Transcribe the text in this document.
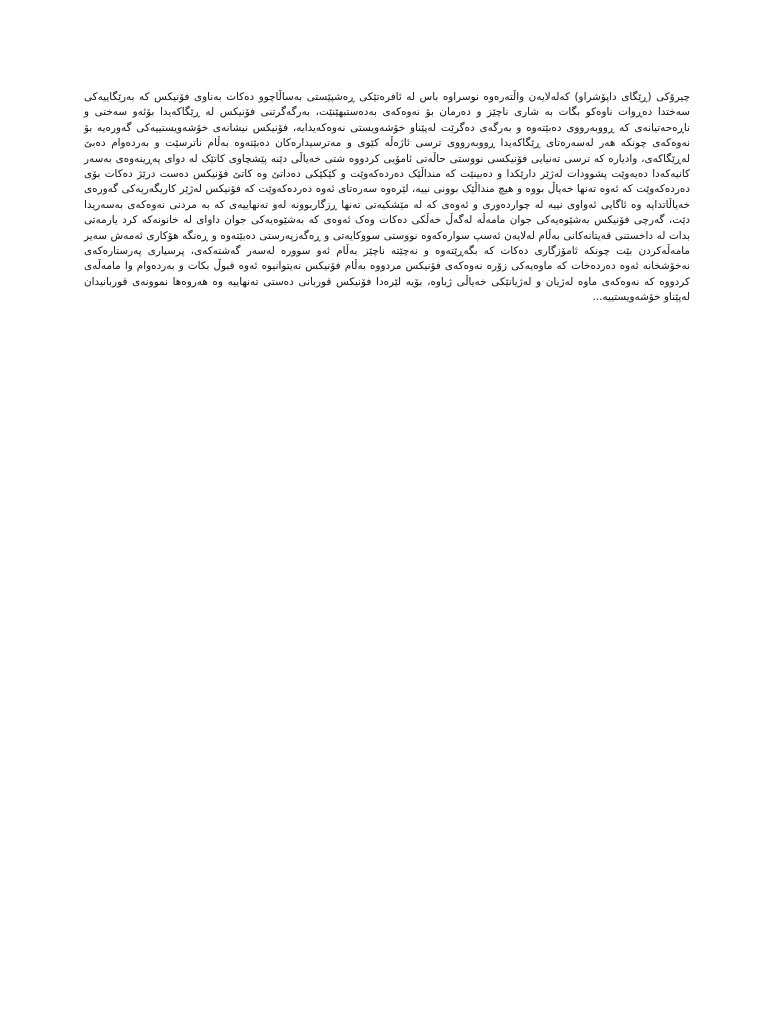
چیرۆکی (ڕێگای داپۆشراو) کەلەلایەن واڵتەرەوە نوسراوە باس لە ئافرەتێکی ڕەشپێستی بەساڵاچوو دەکات بەناوی فۆنیکس کە بەرێگاییەکی سەختدا دەڕوات ناوەکو بگات بە شاری ناچێز و دەرمان بۆ نەوەکەی بەدەستبهێنێت، بەرگەگرتنی فۆنیکس لە ڕێگاکەیدا بۆئەو سەختی و ناڕەحەتیانەی کە ڕووبەرووی دەبێتەوە و بەرگەی دەگرێت لەپێناو خۆشەویستی نەوەکەیدایە، فۆنیکس نیشانەی خۆشەویستییەکی گەورەیە بۆ نەوەکەی چونکە هەر لەسەرەتای ڕێگاکەیدا ڕووبەرووی ترسی ئاژەڵە کێوی و مەترسیدارەکان دەبێتەوە بەڵام ناترسێت و بەردەوام دەبێ لەڕێگاکەی، وادیارە کە ترسی تەنیایی فۆنیکسی نووستی حاڵەتی ئامۆیی کردووە شتی خەیاڵی دێنە پێشچاوی کاتێک لە دوای پەڕینەوەی بەسەر کانیەکەدا دەیەوێت پشوودات لەژێر دارێکدا و دەبینێت کە منداڵێک دەردەکەوێت و کێکێکی دەداتێ وە کاتێ فۆنیکس دەست درێژ دەکات بۆی دەردەکەوێت کە ئەوە تەنها خەیاڵ بووە و هیچ منداڵێک بوونی نییە، لێرەوە سەرەتای ئەوە دەردەکەوێت کە فۆنیکس لەژێر کاریگەریەکی گەورەی خەیاڵاتدایە وە ئاگایی ئەواوی نییە لە چواردەوری و ئەوەی کە لە مێشکیەتی تەنها ڕزگاربوونە لەو تەنهاییەی کە بە مردنی نەوەکەی بەسەریدا دێت، گەرچی فۆنیکس بەشێوەیەکی جوان مامەڵە لەگەڵ خەڵکی دەکات وەک ئەوەی کە بەشێوەیەکی جوان داوای لە خانونەکە کرد یارمەتی بدات لە داخستنی قەیتانەکانی بەڵام لەلایەن ئەسپ سوارەکەوە نووستی سووکایەتی و ڕەگەزپەرستی دەبێتەوە و ڕەنگە هۆکاری ئەمەش سەیر مامەڵەکردن بێت چونکە ئامۆزگاری دەکات کە بگەڕێتەوە و نەچێتە ناچێز بەڵام ئەو سوورە لەسەر گەشتەکەی، پرسیاری پەرستارەکەی نەخۆشخانە ئەوە دەردەخات کە ماوەیەکی زۆرە نەوەکەی فۆنیکس مردووە بەڵام فۆنیکس نەیتوانیوە ئەوە قبوڵ بکات و بەردەوام وا مامەڵەی کردووە کە نەوەکەی ماوە لەژیان و لەژیانێکی خەیاڵی ژیاوە، بۆیە لێرەدا فۆنیکس قوربانی دەستی تەنهاییە وە هەروەها نموونەی قوربانیدان لەپێناو خۆشەویستییە...
